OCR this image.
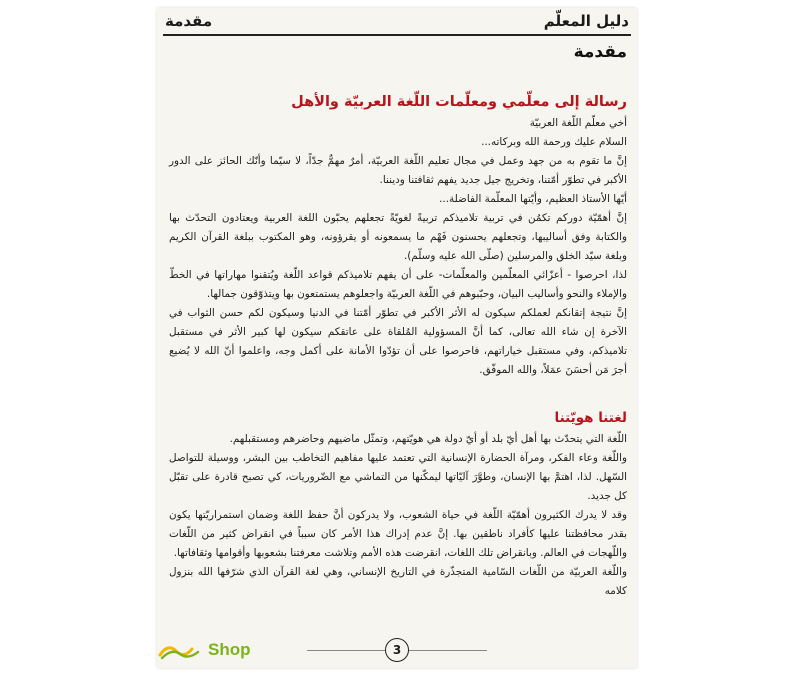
دليل المعلّم
مقدمة
مقدمة

رسالة إلى معلّمي ومعلّمات اللّغة العربيّة والأهل

أخي معلّم اللّغة العربيّة

السلام عليك ورحمة الله وبركاته...

إنَّ ما تقوم به من جهد وعمل في مجال تعليم اللّغة العربيّة، أمرٌ مهمٌّ جدّاً، لا سيّما وأنّك الحائز على الدور الأكبر في تطوّر أمّتنا، وتخريج جيل جديد يفهم ثقافتنا وديننا.

أيّها الأستاذ العظيم، وأيّتها المعلّمة الفاضلة...

إنَّ أهمّيّة دوركم تكمُن في تربية تلاميذكم تربيةً لغويّةً تجعلهم يحبّون اللغة العربية ويعتادون التحدّث بها والكتابة وفق أساليبها، وتجعلهم يحسنون فَهْم ما يسمعونه أو يقرؤونه، وهو المكتوب ببلغة القرآن الكريم وبلغة سيّد الخلق والمرسلين (صلّى الله عليه وسلّم).

لذا، احرصوا - أعزّائي المعلّمين والمعلّمات- على أن يفهم تلاميذكم قواعد اللّغة ويُتقنوا مهاراتها في الخطّ والإملاء والنحو وأساليب البيان، وحبّبوهم في اللّغة العربيّة واجعلوهم يستمتعون بها ويتذوّقون جمالها.

إنَّ نتيجة إتقانكم لعملكم سيكون له الأثر الأكبر في تطوّر أمّتنا في الدنيا وسيكون لكم حسن الثواب في الآخرة إن شاء الله تعالى، كما أنَّ المسؤولية المُلقاة على عاتقكم سيكون لها كبير الأثر في مستقبل تلاميذكم، وفي مستقبل خياراتهم، فاحرصوا على أن تؤدّوا الأمانة على أكمل وجه، واعلموا أنّ الله لا يُضيع أجرَ مَن أحسَنَ عمَلاً، والله الموفّق.

لغتنا هويّتنا

اللّغة التي يتحدّث بها أهل أيّ بلد أو أيّ دولة هي هويّتهم، وتمثّل ماضيهم وحاضرهم ومستقبلهم.

واللّغة وعاء الفكر، ومرآة الحضارة الإنسانية التي تعتمد عليها مفاهيم التخاطب بين البشر، ووسيلة للتواصل السّهل. لذا، اهتمَّ بها الإنسان، وطوَّرَ آليّاتها ليمكّنها من التماشي مع الضّروريات، كي تصبح قادرة على تقبّل كل جديد.

وقد لا يدرك الكثيرون أهمّيّة اللّغة في حياة الشعوب، ولا يدركون أنَّ حفظ اللغة وضمان استمراريّتها يكون بقدر محافظتنا عليها كأفراد ناطقين بها. إنَّ عدم إدراك هذا الأمر كان سبباً في انقراض كثير من اللّغات واللّهجات في العالم. وبانقراض تلك اللغات، انقرضت هذه الأمم وتلاشت معرفتنا بشعوبها وأقوامها وثقافاتها.

واللّغة العربيّة من اللّغات السّامية المتجذّرة في التاريخ الإنساني، وهي لغة القرآن الذي شرّفها الله بنزول كلامه

3
Shop
